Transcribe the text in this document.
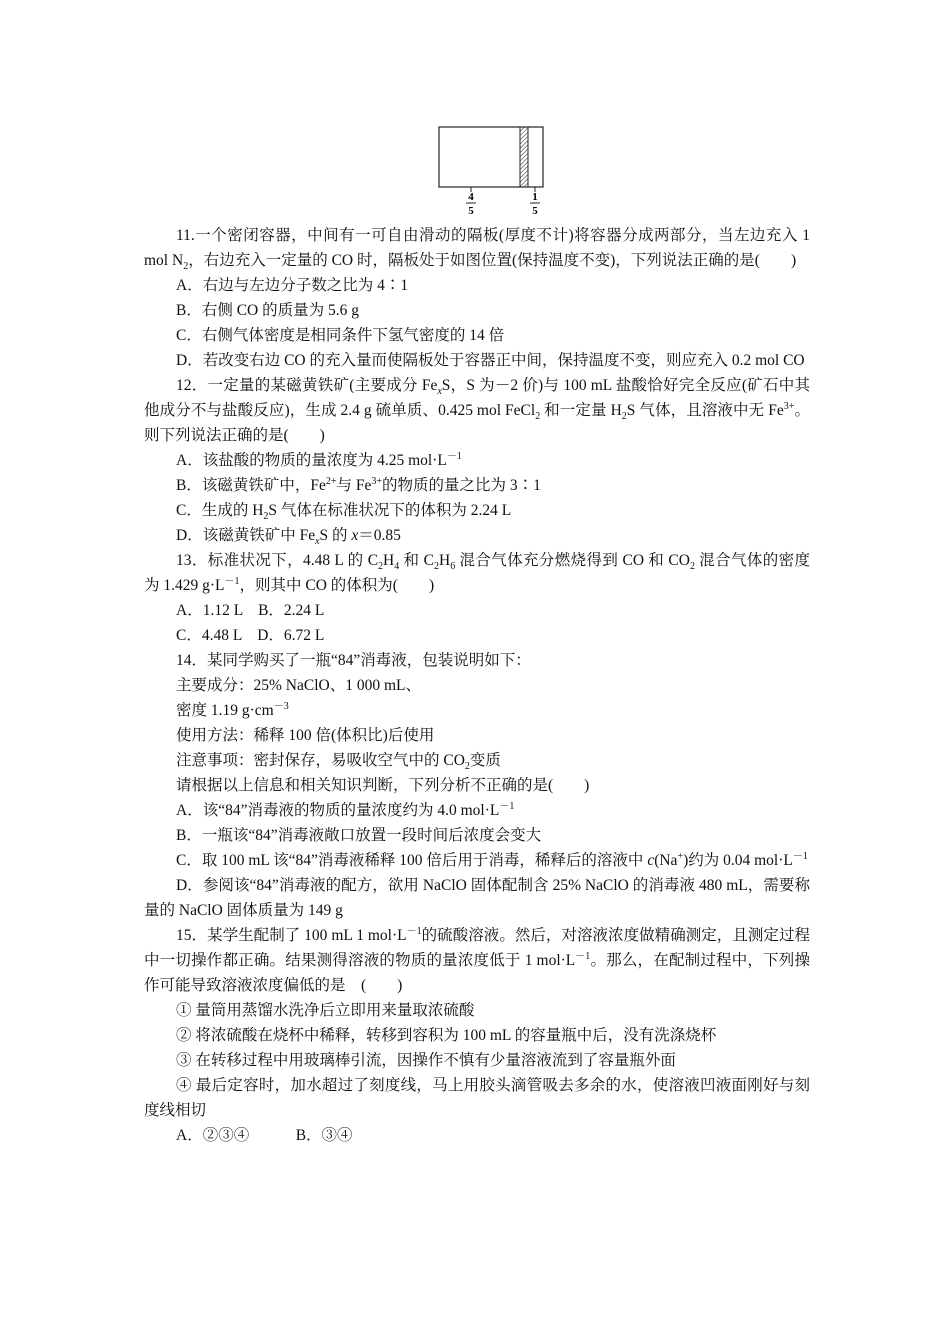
4
5
1
5

11.一个密闭容器，中间有一可自由滑动的隔板(厚度不计)将容器分成两部分，当左边充入 1 mol $N_2$，右边充入一定量的 CO 时，隔板处于如图位置(保持温度不变)，下列说法正确的是(　　)

A．右边与左边分子数之比为 4∶1

B．右侧 CO 的质量为 5.6 g

C．右侧气体密度是相同条件下氢气密度的 14 倍

D．若改变右边 CO 的充入量而使隔板处于容器正中间，保持温度不变，则应充入 0.2 mol CO

12．一定量的某磁黄铁矿(主要成分 $Fe_xS$，S 为－2 价)与 100 mL 盐酸恰好完全反应(矿石中其他成分不与盐酸反应)，生成 2.4 g 硫单质、0.425 mol FeCl$_2$ 和一定量 $H_2S$ 气体，且溶液中无 $Fe^{3+}$。则下列说法正确的是(　　)

A．该盐酸的物质的量浓度为 4.25 $mol\cdot L^{-1}$

B．该磁黄铁矿中，$Fe^{2+}$与 $Fe^{3+}$的物质的量之比为 3∶1

C．生成的 $H_2S$ 气体在标准状况下的体积为 2.24 L

D．该磁黄铁矿中 $Fe_xS$ 的 x＝0.85

13．标准状况下，4.48 L 的 $C_2H_4$ 和 $C_2H_6$ 混合气体充分燃烧得到 CO 和 $CO_2$ 混合气体的密度为 1.429 $g\cdot L^{-1}$，则其中 CO 的体积为(　　)

A．1.12 L　B．2.24 L

C．4.48 L　D．6.72 L

14．某同学购买了一瓶“84”消毒液，包装说明如下：

主要成分：25% NaClO、1 000 mL、

密度 1.19 $g\cdot cm^{-3}$

使用方法：稀释 100 倍(体积比)后使用

注意事项：密封保存，易吸收空气中的 $CO_2$变质

请根据以上信息和相关知识判断，下列分析不正确的是(　　)

A．该“84”消毒液的物质的量浓度约为 4.0 $mol\cdot L^{-1}$

B．一瓶该“84”消毒液敞口放置一段时间后浓度会变大

C．取 100 mL 该“84”消毒液稀释 100 倍后用于消毒，稀释后的溶液中 c(Na+)约为 0.04 $mol\cdot L^{-1}$

D．参阅该“84”消毒液的配方，欲用 NaClO 固体配制含 25% NaClO 的消毒液 480 mL，需要称量的 NaClO 固体质量为 149 g

15．某学生配制了 100 mL 1 $mol\cdot L^{-1}$的硫酸溶液。然后，对溶液浓度做精确测定，且测定过程中一切操作都正确。结果测得溶液的物质的量浓度低于 1 $mol\cdot L^{-1}$。那么，在配制过程中，下列操作可能导致溶液浓度偏低的是　(　　)

① 量筒用蒸馏水洗净后立即用来量取浓硫酸

② 将浓硫酸在烧杯中稀释，转移到容积为 100 mL 的容量瓶中后，没有洗涤烧杯

③ 在转移过程中用玻璃棒引流，因操作不慎有少量溶液流到了容量瓶外面

④ 最后定容时，加水超过了刻度线，马上用胶头滴管吸去多余的水，使溶液凹液面刚好与刻度线相切

A．②③④　　　B．③④
